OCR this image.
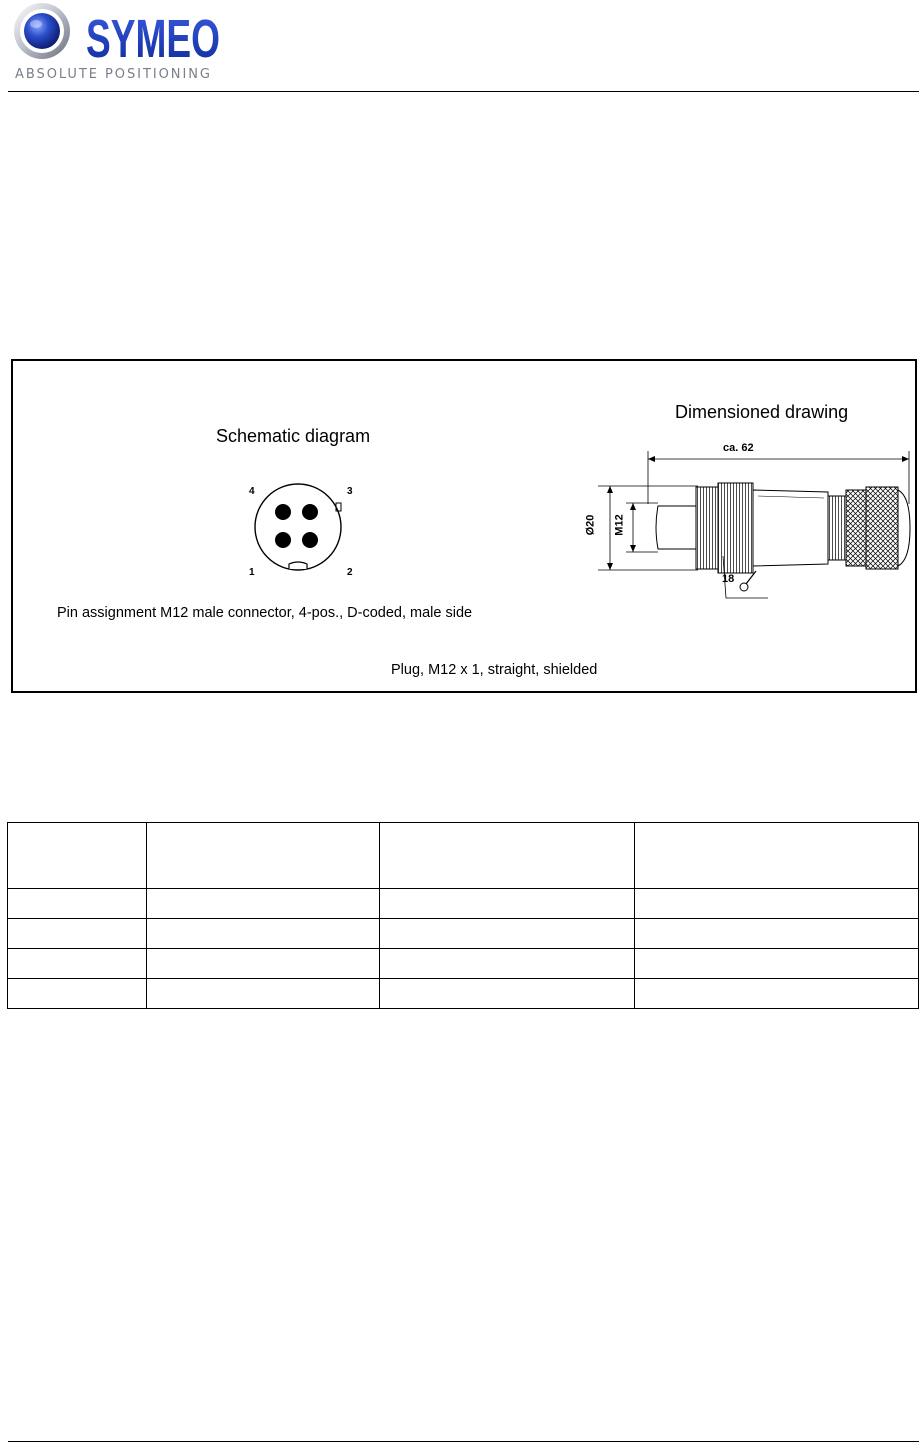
SYMEO
ABSOLUTE POSITIONING
Schematic diagram
Dimensioned drawing
4	3
1	2
Pin assignment M12 male connector, 4-pos., D-coded, male side
ca. 62
Ø20 M12
18
Plug, M12 x 1, straight, shielded
